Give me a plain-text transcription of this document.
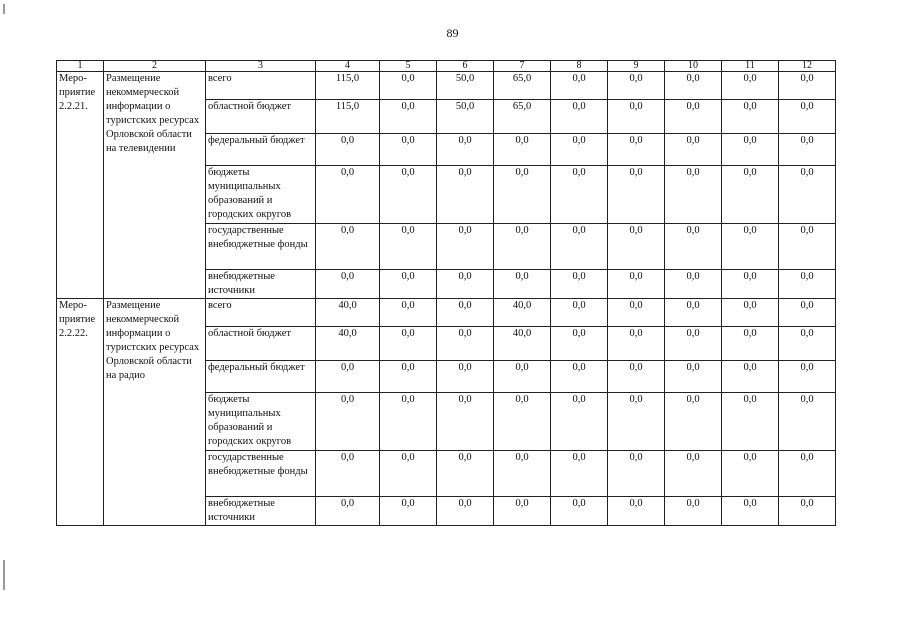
89
1	2	3	4	5	6	7	8	9	10	11	12
Меро-
приятие
2.2.21.	Размещение некоммерческой информации о туристских ресурсах Орловской области на телевидении	всего	115,0	0,0	50,0	65,0	0,0	0,0	0,0	0,0	0,0
		областной бюджет	115,0	0,0	50,0	65,0	0,0	0,0	0,0	0,0	0,0
		федеральный бюджет	0,0	0,0	0,0	0,0	0,0	0,0	0,0	0,0	0,0
		бюджеты муниципальных образований и городских округов	0,0	0,0	0,0	0,0	0,0	0,0	0,0	0,0	0,0
		государственные внебюджетные фонды	0,0	0,0	0,0	0,0	0,0	0,0	0,0	0,0	0,0
		внебюджетные источники	0,0	0,0	0,0	0,0	0,0	0,0	0,0	0,0	0,0
Меро-
приятие
2.2.22.	Размещение некоммерческой информации о туристских ресурсах Орловской области на радио	всего	40,0	0,0	0,0	40,0	0,0	0,0	0,0	0,0	0,0
		областной бюджет	40,0	0,0	0,0	40,0	0,0	0,0	0,0	0,0	0,0
		федеральный бюджет	0,0	0,0	0,0	0,0	0,0	0,0	0,0	0,0	0,0
		бюджеты муниципальных образований и городских округов	0,0	0,0	0,0	0,0	0,0	0,0	0,0	0,0	0,0
		государственные внебюджетные фонды	0,0	0,0	0,0	0,0	0,0	0,0	0,0	0,0	0,0
		внебюджетные источники	0,0	0,0	0,0	0,0	0,0	0,0	0,0	0,0	0,0
